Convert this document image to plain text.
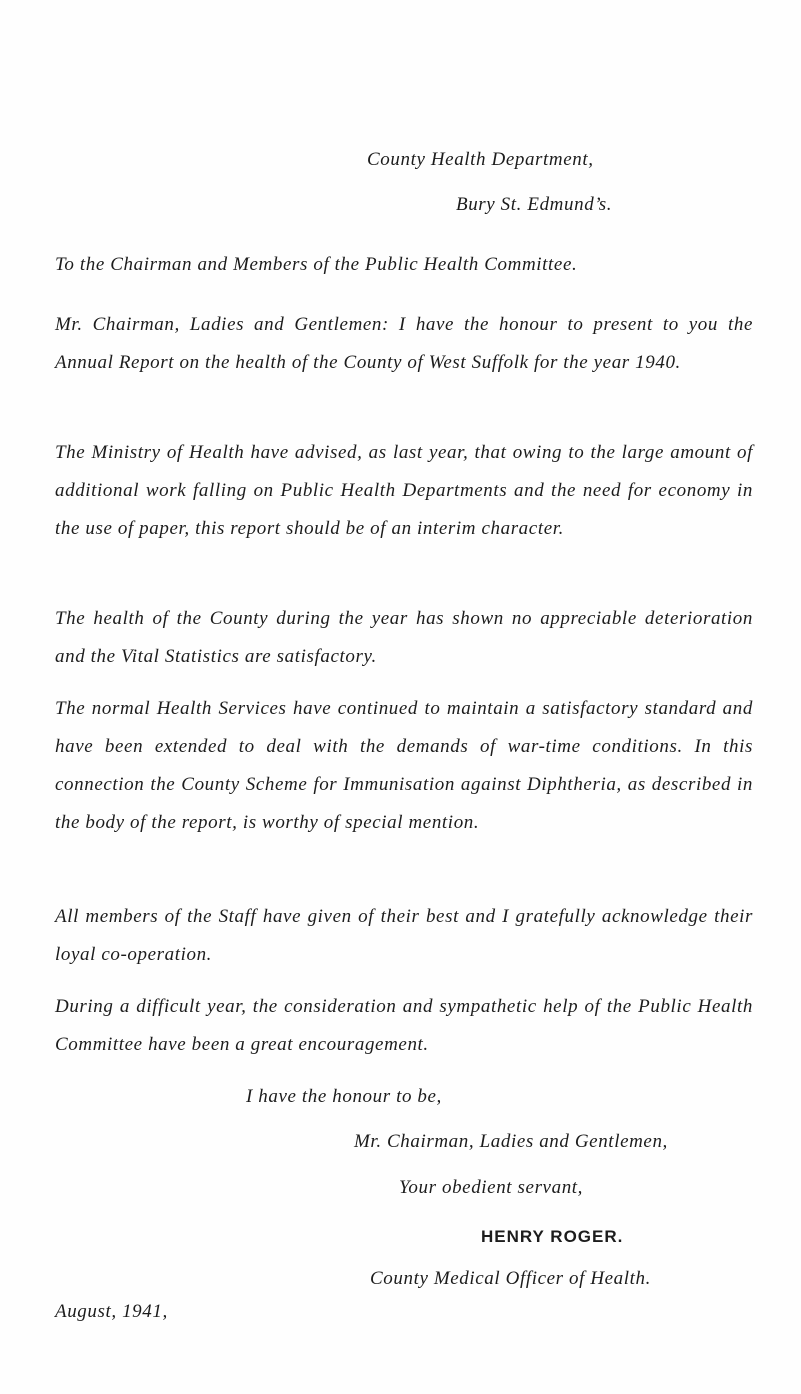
County Health Department,
Bury St. Edmund’s.
To the Chairman and Members of the Public Health Committee.
Mr. Chairman, Ladies and Gentlemen: I have the honour to present to you the Annual Report on the health of the County of West Suffolk for the year 1940.
The Ministry of Health have advised, as last year, that owing to the large amount of additional work falling on Public Health Departments and the need for economy in the use of paper, this report should be of an interim character.
The health of the County during the year has shown no appreciable deterioration and the Vital Statistics are satisfactory.
The normal Health Services have continued to maintain a satisfactory standard and have been extended to deal with the demands of war-time conditions. In this connection the County Scheme for Immunisation against Diphtheria, as described in the body of the report, is worthy of special mention.
All members of the Staff have given of their best and I gratefully acknowledge their loyal co-operation.
During a difficult year, the consideration and sympathetic help of the Public Health Committee have been a great encouragement.
I have the honour to be,
Mr. Chairman, Ladies and Gentlemen,
Your obedient servant,
HENRY ROGER.
County Medical Officer of Health.
August, 1941,
